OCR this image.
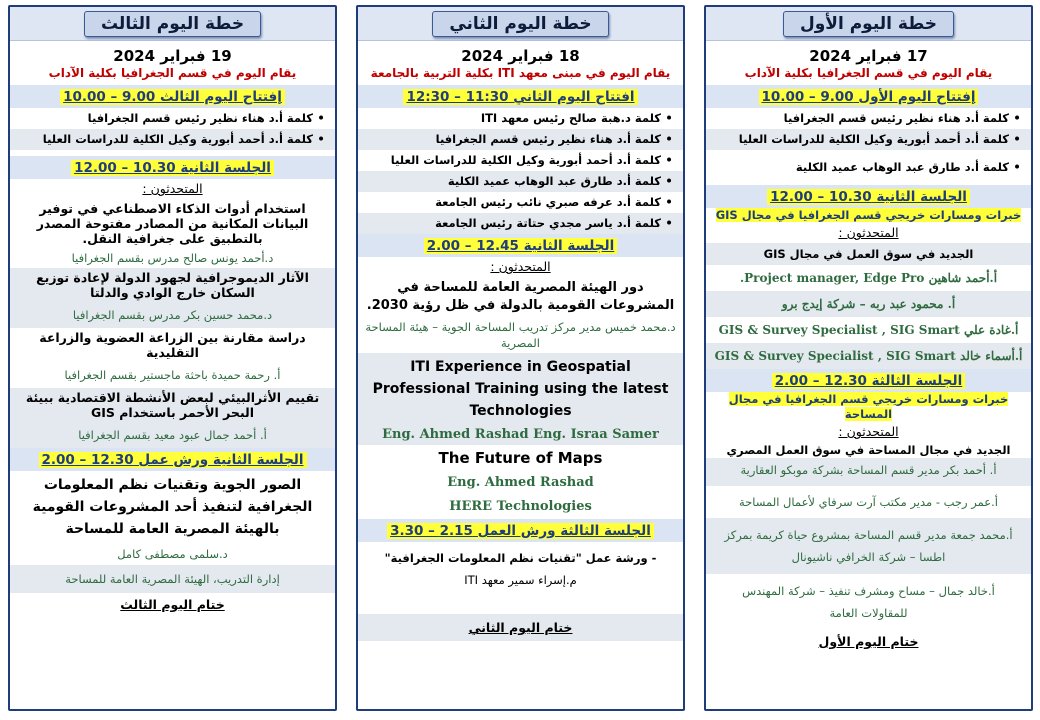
خطة اليوم الأول
17 فبراير 2024
يقام اليوم في قسم الجغرافيا بكلية الآداب
إفتتاح اليوم الأول 9.00 – 10.00
•
كلمة أ.د هناء نظير رئيس قسم الجغرافيا
•
كلمة أ.د أحمد أبورية وكيل الكلية للدراسات العليا
•
كلمة أ.د طارق عبد الوهاب عميد الكلية
الجلسة الثانية 10.30 – 12.00
خبرات ومسارات خريجي قسم الجغرافيا في مجال GIS
المتحدثون :
الجديد في سوق العمل في مجال GIS
أ.أحمد شاهين Project manager, Edge Pro.
أ. محمود عبد ربه – شركة إيدج برو
أ.غادة علي GIS & Survey Specialist , SIG Smart
أ.أسماء خالد GIS & Survey Specialist , SIG Smart
الجلسة الثالثة 12.30 – 2.00
خبرات ومسارات خريجي قسم الجغرافيا في مجال المساحة
المتحدثون :
الجديد في مجال المساحة في سوق العمل المصري
أ. أحمد بكر مدير قسم المساحة بشركة موبكو العقارية
أ.عمر رجب - مدير مكتب آرت سرفاي لأعمال المساحة
أ.محمد جمعة مدير قسم المساحة بمشروع حياة كريمة بمركز اطسا – شركة الخرافي ناشيونال
أ.خالد جمال – مساح ومشرف تنفيذ – شركة المهندس للمقاولات العامة
ختام اليوم الأول
خطة اليوم الثاني
18 فبراير 2024
يقام اليوم في مبنى معهد ITI بكلية التربية بالجامعة
افتتاح اليوم الثاني 11:30 – 12:30
•
كلمة د.هبة صالح رئيس معهد ITI
•
كلمة أ.د هناء نظير رئيس قسم الجغرافيا
•
كلمة أ.د أحمد أبورية وكيل الكلية للدراسات العليا
•
كلمة أ.د طارق عبد الوهاب عميد الكلية
•
كلمة أ.د عرفه صبري نائب رئيس الجامعة
•
كلمة أ.د ياسر مجدي حتاتة رئيس الجامعة
الجلسة الثانية 12.45 – 2.00
المتحدثون :
دور الهيئة المصرية العامة للمساحة في المشروعات القومية بالدولة في ظل رؤية 2030.
د.محمد خميس مدير مركز تدريب المساحة الجوية – هيئة المساحة المصرية
ITI Experience in Geospatial Professional Training using the latest Technologies
Eng. Ahmed Rashad Eng. Israa Samer
The Future of Maps
Eng. Ahmed Rashad
HERE Technologies
الجلسة الثالثة ورش العمل 2.15 – 3.30
- ورشة عمل "تقنيات نظم المعلومات الجغرافية"
م.إسراء سمير معهد ITI
ختام اليوم الثاني
خطة اليوم الثالث
19 فبراير 2024
يقام اليوم في قسم الجغرافيا بكلية الآداب
إفتتاح اليوم الثالث 9.00 – 10.00
•
كلمة أ.د هناء نظير رئيس قسم الجغرافيا
•
كلمة أ.د أحمد أبورية وكيل الكلية للدراسات العليا
الجلسة الثانية 10.30 – 12.00
المتحدثون :
استخدام أدوات الذكاء الاصطناعي في توفير البيانات المكانية من المصادر مفتوحة المصدر بالتطبيق على جغرافية النقل.
د.أحمد يونس صالح مدرس بقسم الجغرافيا
الآثار الديموجرافية لجهود الدولة لإعادة توزيع السكان خارج الوادي والدلتا
د.محمد حسين بكر مدرس بقسم الجغرافيا
دراسة مقارنة بين الزراعة العضوية والزراعة التقليدية
أ. رحمة حميدة باحثة ماجستير بقسم الجغرافيا
تقييم الأثرالبيئي لبعض الأنشطة الاقتصادية ببيئة البحر الأحمر باستخدام GIS
أ. أحمد جمال عبود معيد بقسم الجغرافيا
الجلسة الثانية ورش عمل 12.30 – 2.00
الصور الجوية وتقنيات نظم المعلومات الجغرافية لتنفيذ أحد المشروعات القومية بالهيئة المصرية العامة للمساحة
د.سلمى مصطفى كامل
إدارة التدريب، الهيئة المصرية العامة للمساحة
ختام اليوم الثالث
